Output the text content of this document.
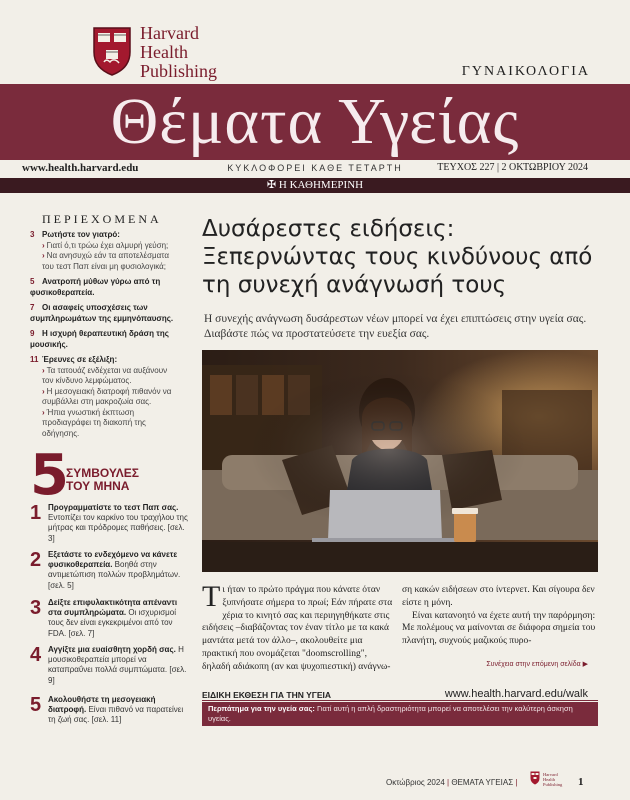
Harvard
Health
Publishing	ΓΥΝΑΙΚΟΛΟΓΙΑ
Θέματα Υγείας
www.health.harvard.edu	ΚΥΚΛΟΦΟΡΕΙ ΚΑΘΕ ΤΕΤΑΡΤΗ	ΤΕΥΧΟΣ 227 | 2 ΟΚΤΩΒΡΙΟΥ 2024
✠ Η ΚΑΘΗΜΕΡΙΝΗ
ΠΕΡΙΕΧΟΜΕΝΑ
3 Ρωτήστε τον γιατρό:
› Γιατί ό,τι τρώω έχει αλμυρή γεύση;
› Να ανησυχώ εάν τα αποτελέσματα του τεστ Παπ είναι μη φυσιολογικά;
5 Ανατροπή μύθων γύρω από τη φυσικοθεραπεία.
7 Οι ασαφείς υποσχέσεις των συμπληρωμάτων της εμμηνόπαυσης.
9 Η ισχυρή θεραπευτική δράση της μουσικής.
11 Έρευνες σε εξέλιξη:
› Τα τατουάζ ενδέχεται να αυξάνουν τον κίνδυνο λεμφώματος.
› Η μεσογειακή διατροφή πιθανόν να συμβάλλει στη μακροζωία σας.
› Ήπια γνωστική έκπτωση προδιαγράφει τη διακοπή της οδήγησης.
5
ΣΥΜΒΟΥΛΕΣ
ΤΟΥ ΜΗΝΑ
1 Προγραμματίστε το τεστ Παπ σας. Εντοπίζει τον καρκίνο του τραχήλου της μήτρας και πρόδρομες παθήσεις. [σελ. 3]
2 Εξετάστε το ενδεχόμενο να κάνετε φυσικοθεραπεία. Βοηθά στην αντιμετώπιση πολλών προβλημάτων. [σελ. 5]
3 Δείξτε επιφυλακτικότητα απέναντι στα συμπληρώματα. Οι ισχυρισμοί τους δεν είναι εγκεκριμένοι από τον FDA. [σελ. 7]
4 Αγγίξτε μια ευαίσθητη χορδή σας. Η μουσικοθεραπεία μπορεί να καταπραΰνει πολλά συμπτώματα. [σελ. 9]
5 Ακολουθήστε τη μεσογειακή διατροφή. Είναι πιθανό να παρατείνει τη ζωή σας. [σελ. 11]
Δυσάρεστες ειδήσεις: Ξεπερνώντας τους κινδύνους από τη συνεχή ανάγνωσή τους
Η συνεχής ανάγνωση δυσάρεστων νέων μπορεί να έχει επιπτώσεις στην υγεία σας. Διαβάστε πώς να προστατεύσετε την ευεξία σας.
Τι ήταν το πρώτο πράγμα που κάνατε όταν ξυπνήσατε σήμερα το πρωί; Εάν πήρατε στα χέρια το κινητό σας και περιηγηθήκατε στις ειδήσεις –διαβάζοντας τον έναν τίτλο με τα κακά μαντάτα μετά τον άλλο–, ακολουθείτε μια πρακτική που ονομάζεται "doomscrolling", δηλαδή αδιάκοπη (αν και ψυχοπιεστική) ανάγνω-
ση κακών ειδήσεων στο ίντερνετ. Και σίγουρα δεν είστε η μόνη.
Είναι κατανοητό να έχετε αυτή την παρόρμηση: Με πολέμους να μαίνονται σε διάφορα σημεία του πλανήτη, συχνούς μαζικούς πυρο-
Συνέχεια στην επόμενη σελίδα ▶
ΕΙΔΙΚΗ ΕΚΘΕΣΗ ΓΙΑ ΤΗΝ ΥΓΕΙΑ	www.health.harvard.edu/walk
Περπάτημα για την υγεία σας: Γιατί αυτή η απλή δραστηριότητα μπορεί να αποτελέσει την καλύτερη άσκηση υγείας.
Οκτώβριος 2024 | ΘΕΜΑΤΑ ΥΓΕΙΑΣ |
Harvard
Health
Publishing 1
